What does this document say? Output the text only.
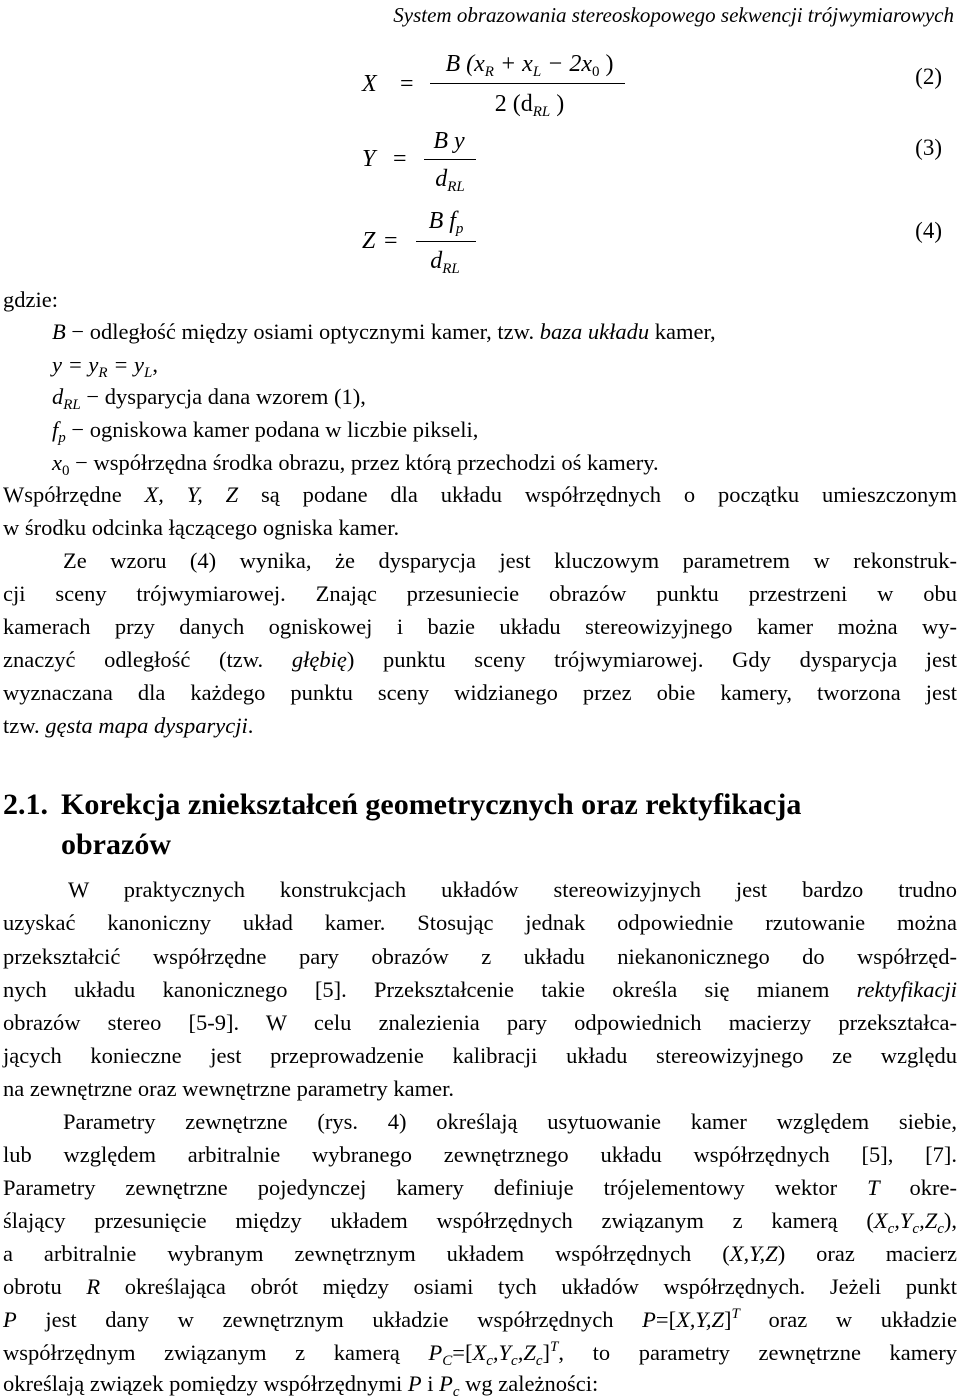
System obrazowania stereoskopowego sekwencji trójwymiarowych
X =
B ($x_R + x_L - 2x_0$ )
2 ($d_{RL}$ )
(2)
Y =
B y
$d_{RL}$
(3)
Z =
B $f_p$
$d_{RL}$
(4)
gdzie:
B − odległość między osiami optycznymi kamer, tzw. baza układu kamer,
$y = y_R = y_L$,
$d_{RL}$ − dysparycja dana wzorem (1),
$f_p$ − ogniskowa kamer podana w liczbie pikseli,
$x_0$ − współrzędna środka obrazu, przez którą przechodzi oś kamery.
Współrzędne X, Y, Z są podane dla układu współrzędnych o początku umieszczonym
w środku odcinka łączącego ogniska kamer.
Ze wzoru (4) wynika, że dysparycja jest kluczowym parametrem w rekonstruk-
cji sceny trójwymiarowej. Znając przesuniecie obrazów punktu przestrzeni w obu
kamerach przy danych ogniskowej i bazie układu stereowizyjnego kamer można wy-
znaczyć odległość (tzw. głębię) punktu sceny trójwymiarowej. Gdy dysparycja jest
wyznaczana dla każdego punktu sceny widzianego przez obie kamery, tworzona jest
tzw. gęsta mapa dysparycji.
2.1. Korekcja zniekształceń geometrycznych oraz rektyfikacja
obrazów
W praktycznych konstrukcjach układów stereowizyjnych jest bardzo trudno
uzyskać kanoniczny układ kamer. Stosując jednak odpowiednie rzutowanie można
przekształcić współrzędne pary obrazów z układu niekanonicznego do współrzęd-
nych układu kanonicznego [5]. Przekształcenie takie określa się mianem rektyfikacji
obrazów stereo [5-9]. W celu znalezienia pary odpowiednich macierzy przekształca-
jących konieczne jest przeprowadzenie kalibracji układu stereowizyjnego ze względu
na zewnętrzne oraz wewnętrzne parametry kamer.
Parametry zewnętrzne (rys. 4) określają usytuowanie kamer względem siebie,
lub względem arbitralnie wybranego zewnętrznego układu współrzędnych [5], [7].
Parametry zewnętrzne pojedynczej kamery definiuje trójelementowy wektor T okre-
ślający przesunięcie między układem współrzędnych związanym z kamerą $(X_c,Y_c,Z_c)$,
a arbitralnie wybranym zewnętrznym układem współrzędnych (X,Y,Z) oraz macierz
obrotu R określająca obrót między osiami tych układów współrzędnych. Jeżeli punkt
P jest dany w zewnętrznym układzie współrzędnych $P=[X,Y,Z]^T$ oraz w układzie
współrzędnym związanym z kamerą $P_C=[X_c,Y_c,Z_c]^T$, to parametry zewnętrzne kamery
określają związek pomiędzy współrzędnymi P i $P_c$ wg zależności:
